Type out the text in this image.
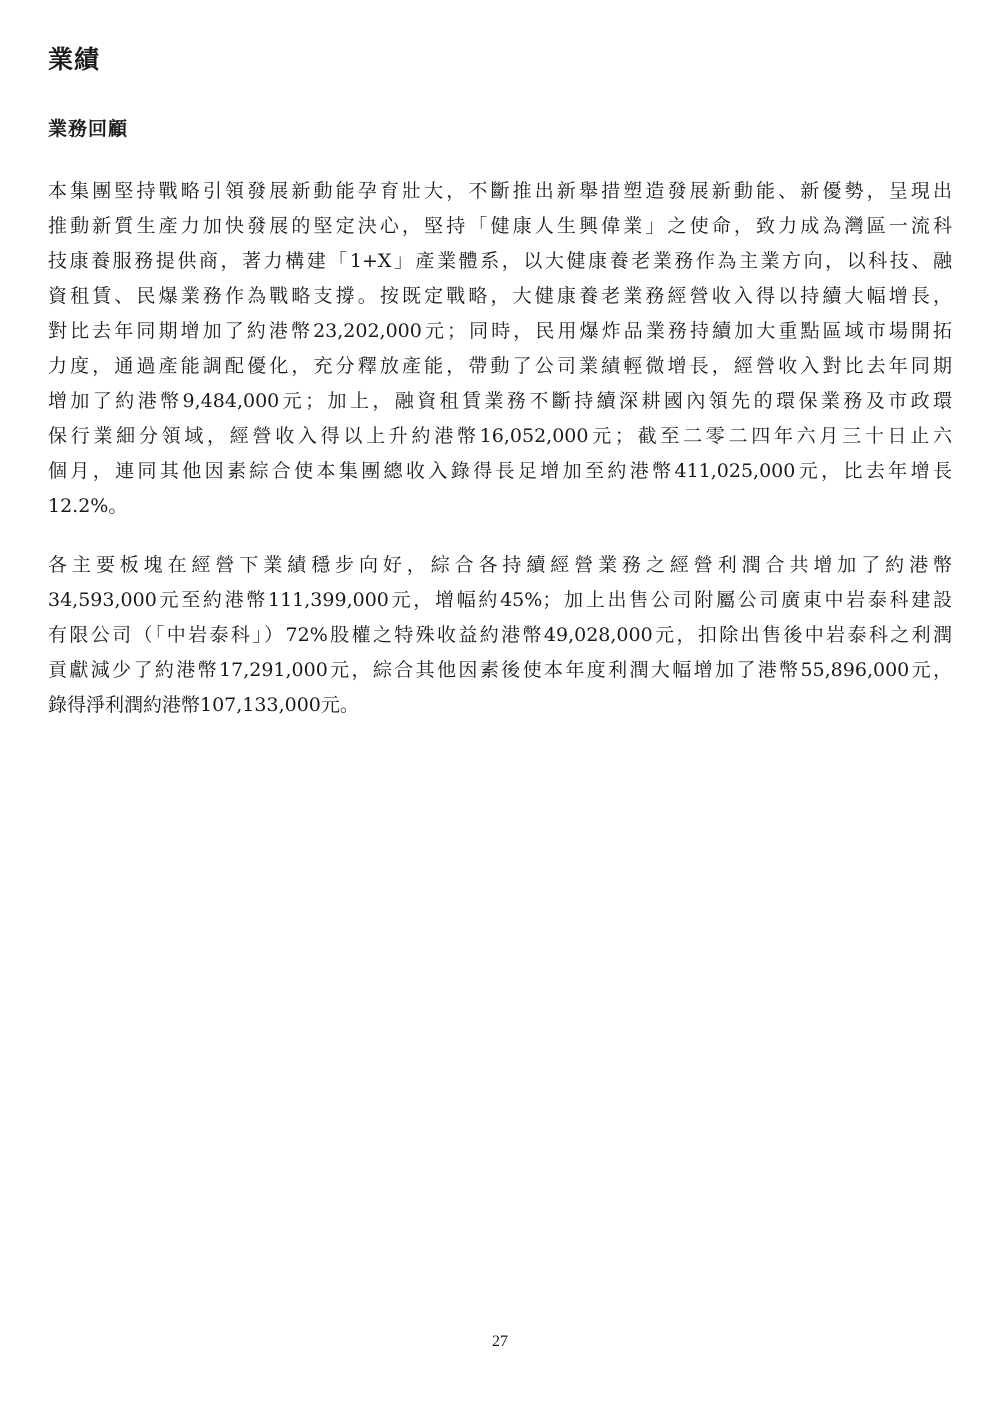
業績
業務回顧

本集團堅持戰略引領發展新動能孕育壯大，不斷推出新舉措塑造發展新動能、新優勢，呈現出
推動新質生產力加快發展的堅定決心，堅持「健康人生興偉業」之使命，致力成為灣區一流科
技康養服務提供商，著力構建「1+X」產業體系，以大健康養老業務作為主業方向，以科技、融
資租賃、民爆業務作為戰略支撐。按既定戰略，大健康養老業務經營收入得以持續大幅增長，
對比去年同期增加了約港幣23,202,000元；同時，民用爆炸品業務持續加大重點區域市場開拓
力度，通過產能調配優化，充分釋放產能，帶動了公司業績輕微增長，經營收入對比去年同期
增加了約港幣9,484,000元；加上，融資租賃業務不斷持續深耕國內領先的環保業務及市政環
保行業細分領域，經營收入得以上升約港幣16,052,000元；截至二零二四年六月三十日止六
個月，連同其他因素綜合使本集團總收入錄得長足增加至約港幣411,025,000元，比去年增長
12.2%。

各主要板塊在經營下業績穩步向好，綜合各持續經營業務之經營利潤合共增加了約港幣
34,593,000元至約港幣111,399,000元，增幅約45%；加上出售公司附屬公司廣東中岩泰科建設
有限公司（「中岩泰科」）72%股權之特殊收益約港幣49,028,000元，扣除出售後中岩泰科之利潤
貢獻減少了約港幣17,291,000元，綜合其他因素後使本年度利潤大幅增加了港幣55,896,000元，
錄得淨利潤約港幣107,133,000元。

27
